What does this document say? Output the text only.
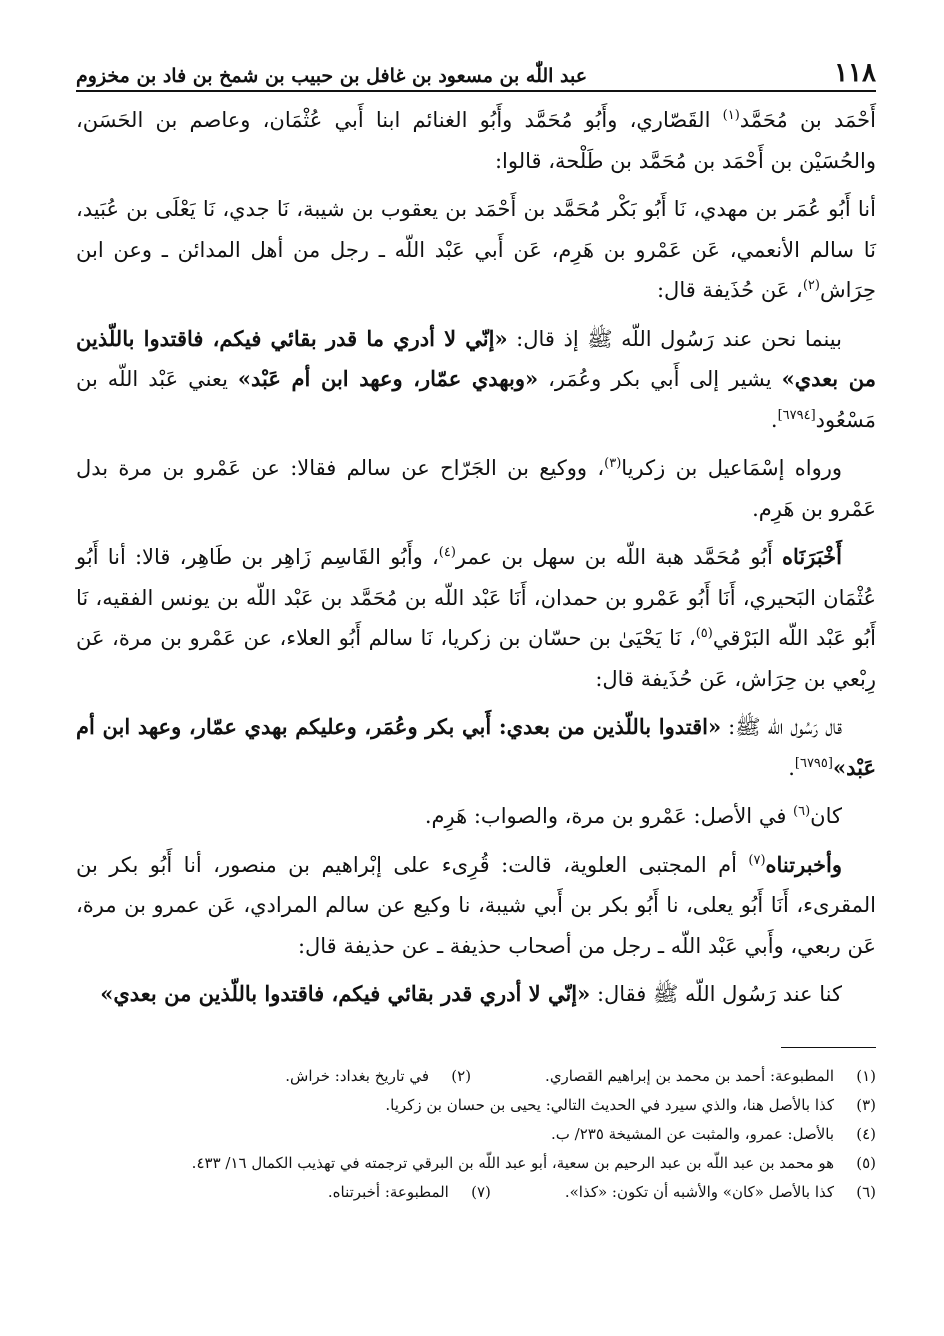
١١٨
عبد اللّٰه بن مسعود بن غافل بن حبيب بن شمخ بن فاد بن مخزوم

أَحْمَد بن مُحَمَّد$^{(١)}$ القَصّاري، وأَبُو مُحَمَّد وأَبُو الغنائم ابنا أَبي عُثْمَان، وعاصم بن الحَسَن، والحُسَيْن بن أَحْمَد بن مُحَمَّد بن طَلْحة، قالوا:

أنا أَبُو عُمَر بن مهدي، نَا أَبُو بَكْر مُحَمَّد بن أَحْمَد بن يعقوب بن شيبة، نَا جدي، نَا يَعْلَى بن عُبَيد، نَا سالم الأنعمي، عَن عَمْرو بن هَرِم، عَن أَبي عَبْد اللّه ـ رجل من أهل المدائن ـ وعن ابن حِرَاش$^{(٢)}$، عَن حُذَيفة قال:

بينما نحن عند رَسُول اللّه ﷺ إذ قال: «إنّي لا أدري ما قدر بقائي فيكم، فاقتدوا باللّذين من بعدي» يشير إلى أَبي بكر وعُمَر، «وبهدي عمّار، وعهد ابن أم عَبْد» يعني عَبْد اللّه بن مَسْعُود[٦٧٩٤].

ورواه إسْمَاعيل بن زكريا$^{(٣)}$، ووكيع بن الجَرّاح عن سالم فقالا: عن عَمْرو بن مرة بدل عَمْرو بن هَرِم.

أَخْبَرَنَاه أَبُو مُحَمَّد هبة اللّه بن سهل بن عمر$^{(٤)}$، وأَبُو القَاسِم زَاهِر بن طَاهِر، قالا: أنا أَبُو عُثْمَان البَحيري، أَنَا أَبُو عَمْرو بن حمدان، أَنَا عَبْد اللّه بن مُحَمَّد بن عَبْد اللّه بن يونس الفقيه، نَا أَبُو عَبْد اللّه البَرْقي$^{(٥)}$، نَا يَحْيَىٰ بن حسّان بن زكريا، نَا سالم أَبُو العلاء، عن عَمْرو بن مرة، عَن رِبْعي بن حِرَاش، عَن حُذَيفة قال:

قال رَسُول اللّه ﷺ: «اقتدوا باللّذين من بعدي: أَبي بكر وعُمَر، وعليكم بهدي عمّار، وعهد ابن أم عَبْد»[٦٧٩٥].

كان$^{(٦)}$ في الأصل: عَمْرو بن مرة، والصواب: هَرِم.

وأخبرتناه$^{(٧)}$ أم المجتبى العلوية، قالت: قُرِىء على إبْراهيم بن منصور، أنا أَبُو بكر بن المقرىء، أَنَا أَبُو يعلى، نا أَبُو بكر بن أَبي شيبة، نا وكيع عن سالم المرادي، عَن عمرو بن مرة، عَن ربعي، وأَبي عَبْد اللّه ـ رجل من أصحاب حذيفة ـ عن حذيفة قال:

كنا عند رَسُول اللّه ﷺ فقال: «إنّي لا أدري قدر بقائي فيكم، فاقتدوا باللّذين من بعدي»

(١)
المطبوعة: أحمد بن محمد بن إبراهيم القصاري.
(٢)
في تاريخ بغداد: خراش.
(٣)
كذا بالأصل هنا، والذي سيرد في الحديث التالي: يحيى بن حسان بن زكريا.
(٤)
بالأصل: عمرو، والمثبت عن المشيخة ٢٣٥/ ب.
(٥)
هو محمد بن عبد اللّه بن عبد الرحيم بن سعية، أبو عبد اللّه بن البرقي ترجمته في تهذيب الكمال ١٦/ ٤٣٣.
(٦)
كذا بالأصل «كان» والأشبه أن تكون: «كذا».
(٧)
المطبوعة: أخبرتناه.
